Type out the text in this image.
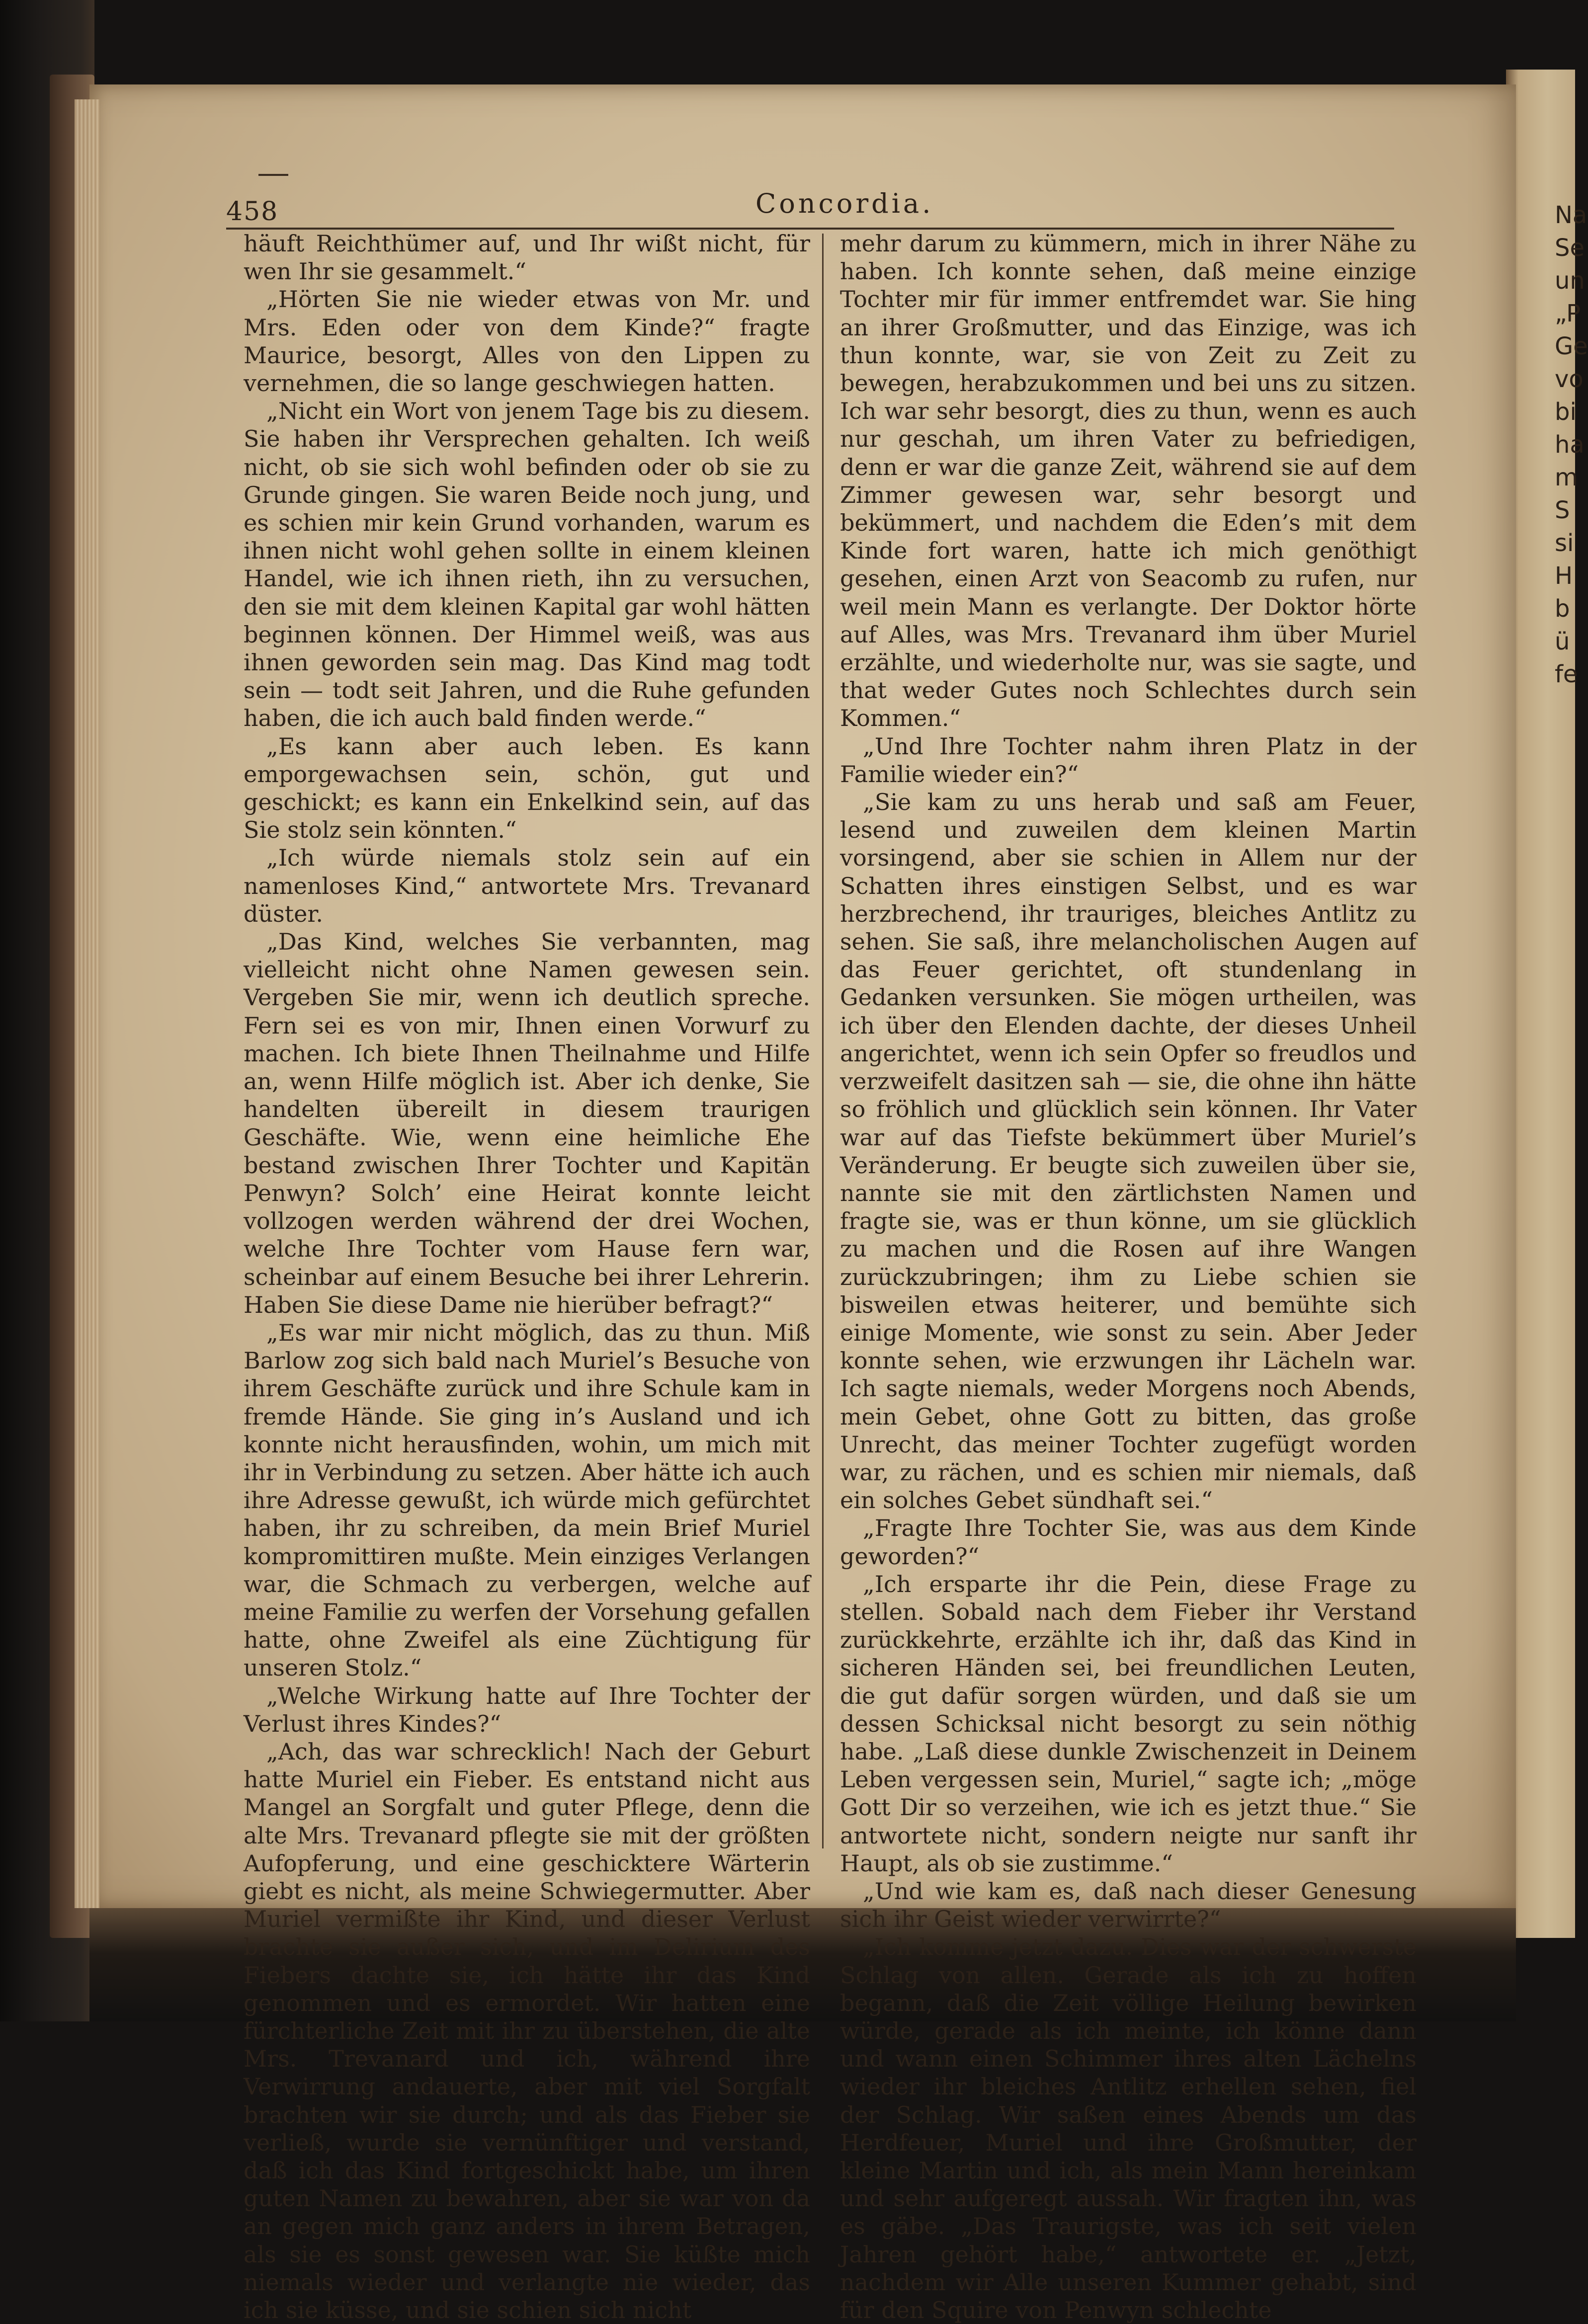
Na
Se
un
„P
Ge
vo
bi
ha
m
S
si
H
b
ü
fe
458	Concordia.

häuft Reichthümer auf, und Ihr wißt nicht, für wen Ihr sie gesammelt.“

„Hörten Sie nie wieder etwas von Mr. und Mrs. Eden oder von dem Kinde?“ fragte Maurice, besorgt, Alles von den Lippen zu vernehmen, die so lange geschwiegen hatten.

„Nicht ein Wort von jenem Tage bis zu diesem. Sie haben ihr Versprechen gehalten. Ich weiß nicht, ob sie sich wohl befinden oder ob sie zu Grunde gingen. Sie waren Beide noch jung, und es schien mir kein Grund vorhanden, warum es ihnen nicht wohl gehen sollte in einem kleinen Handel, wie ich ihnen rieth, ihn zu versuchen, den sie mit dem kleinen Kapital gar wohl hätten beginnen können. Der Himmel weiß, was aus ihnen geworden sein mag. Das Kind mag todt sein — todt seit Jahren, und die Ruhe gefunden haben, die ich auch bald finden werde.“

„Es kann aber auch leben. Es kann emporgewachsen sein, schön, gut und geschickt; es kann ein Enkelkind sein, auf das Sie stolz sein könnten.“

„Ich würde niemals stolz sein auf ein namenloses Kind,“ antwortete Mrs. Trevanard düster.

„Das Kind, welches Sie verbannten, mag vielleicht nicht ohne Namen gewesen sein. Vergeben Sie mir, wenn ich deutlich spreche. Fern sei es von mir, Ihnen einen Vorwurf zu machen. Ich biete Ihnen Theilnahme und Hilfe an, wenn Hilfe möglich ist. Aber ich denke, Sie handelten übereilt in diesem traurigen Geschäfte. Wie, wenn eine heimliche Ehe bestand zwischen Ihrer Tochter und Kapitän Penwyn? Solch’ eine Heirat konnte leicht vollzogen werden während der drei Wochen, welche Ihre Tochter vom Hause fern war, scheinbar auf einem Besuche bei ihrer Lehrerin. Haben Sie diese Dame nie hierüber befragt?“

„Es war mir nicht möglich, das zu thun. Miß Barlow zog sich bald nach Muriel’s Besuche von ihrem Geschäfte zurück und ihre Schule kam in fremde Hände. Sie ging in’s Ausland und ich konnte nicht herausfinden, wohin, um mich mit ihr in Verbindung zu setzen. Aber hätte ich auch ihre Adresse gewußt, ich würde mich gefürchtet haben, ihr zu schreiben, da mein Brief Muriel kompromittiren mußte. Mein einziges Verlangen war, die Schmach zu verbergen, welche auf meine Familie zu werfen der Vorsehung gefallen hatte, ohne Zweifel als eine Züchtigung für unseren Stolz.“

„Welche Wirkung hatte auf Ihre Tochter der Verlust ihres Kindes?“

„Ach, das war schrecklich! Nach der Geburt hatte Muriel ein Fieber. Es entstand nicht aus Mangel an Sorgfalt und guter Pflege, denn die alte Mrs. Trevanard pflegte sie mit der größten Aufopferung, und eine geschicktere Wärterin giebt es nicht, als meine Schwiegermutter. Aber Muriel vermißte ihr Kind, und dieser Verlust brachte sie außer sich, und im Delirium des Fiebers dachte sie, ich hätte ihr das Kind genommen und es ermordet. Wir hatten eine fürchterliche Zeit mit ihr zu überstehen, die alte Mrs. Trevanard und ich, während ihre Verwirrung andauerte, aber mit viel Sorgfalt brachten wir sie durch; und als das Fieber sie verließ, wurde sie vernünftiger und verstand, daß ich das Kind fortgeschickt habe, um ihren guten Namen zu bewahren, aber sie war von da an gegen mich ganz anders in ihrem Betragen, als sie es sonst gewesen war. Sie küßte mich niemals wieder und verlangte nie wieder, das ich sie küsse, und sie schien sich nicht

mehr darum zu kümmern, mich in ihrer Nähe zu haben. Ich konnte sehen, daß meine einzige Tochter mir für immer entfremdet war. Sie hing an ihrer Großmutter, und das Einzige, was ich thun konnte, war, sie von Zeit zu Zeit zu bewegen, herabzukommen und bei uns zu sitzen. Ich war sehr besorgt, dies zu thun, wenn es auch nur geschah, um ihren Vater zu befriedigen, denn er war die ganze Zeit, während sie auf dem Zimmer gewesen war, sehr besorgt und bekümmert, und nachdem die Eden’s mit dem Kinde fort waren, hatte ich mich genöthigt gesehen, einen Arzt von Seacomb zu rufen, nur weil mein Mann es verlangte. Der Doktor hörte auf Alles, was Mrs. Trevanard ihm über Muriel erzählte, und wiederholte nur, was sie sagte, und that weder Gutes noch Schlechtes durch sein Kommen.“

„Und Ihre Tochter nahm ihren Platz in der Familie wieder ein?“

„Sie kam zu uns herab und saß am Feuer, lesend und zuweilen dem kleinen Martin vorsingend, aber sie schien in Allem nur der Schatten ihres einstigen Selbst, und es war herzbrechend, ihr trauriges, bleiches Antlitz zu sehen. Sie saß, ihre melancholischen Augen auf das Feuer gerichtet, oft stundenlang in Gedanken versunken. Sie mögen urtheilen, was ich über den Elenden dachte, der dieses Unheil angerichtet, wenn ich sein Opfer so freudlos und verzweifelt dasitzen sah — sie, die ohne ihn hätte so fröhlich und glücklich sein können. Ihr Vater war auf das Tiefste bekümmert über Muriel’s Veränderung. Er beugte sich zuweilen über sie, nannte sie mit den zärtlichsten Namen und fragte sie, was er thun könne, um sie glücklich zu machen und die Rosen auf ihre Wangen zurückzubringen; ihm zu Liebe schien sie bisweilen etwas heiterer, und bemühte sich einige Momente, wie sonst zu sein. Aber Jeder konnte sehen, wie erzwungen ihr Lächeln war. Ich sagte niemals, weder Morgens noch Abends, mein Gebet, ohne Gott zu bitten, das große Unrecht, das meiner Tochter zugefügt worden war, zu rächen, und es schien mir niemals, daß ein solches Gebet sündhaft sei.“

„Fragte Ihre Tochter Sie, was aus dem Kinde geworden?“

„Ich ersparte ihr die Pein, diese Frage zu stellen. Sobald nach dem Fieber ihr Verstand zurückkehrte, erzählte ich ihr, daß das Kind in sicheren Händen sei, bei freundlichen Leuten, die gut dafür sorgen würden, und daß sie um dessen Schicksal nicht besorgt zu sein nöthig habe. „Laß diese dunkle Zwischenzeit in Deinem Leben vergessen sein, Muriel,“ sagte ich; „möge Gott Dir so verzeihen, wie ich es jetzt thue.“ Sie antwortete nicht, sondern neigte nur sanft ihr Haupt, als ob sie zustimme.“

„Und wie kam es, daß nach dieser Genesung sich ihr Geist wieder verwirrte?“

„Ich komme jetzt dazu. Dies war der schwerste Schlag von allen. Gerade als ich zu hoffen begann, daß die Zeit völlige Heilung bewirken würde, gerade als ich meinte, ich könne dann und wann einen Schimmer ihres alten Lächelns wieder ihr bleiches Antlitz erhellen sehen, fiel der Schlag. Wir saßen eines Abends um das Herdfeuer, Muriel und ihre Großmutter, der kleine Martin und ich, als mein Mann hereinkam und sehr aufgeregt aussah. Wir fragten ihn, was es gäbe. „Das Traurigste, was ich seit vielen Jahren gehört habe,“ antwortete er. „Jetzt, nachdem wir Alle unseren Kummer gehabt, sind für den Squire von Penwyn schlechte
